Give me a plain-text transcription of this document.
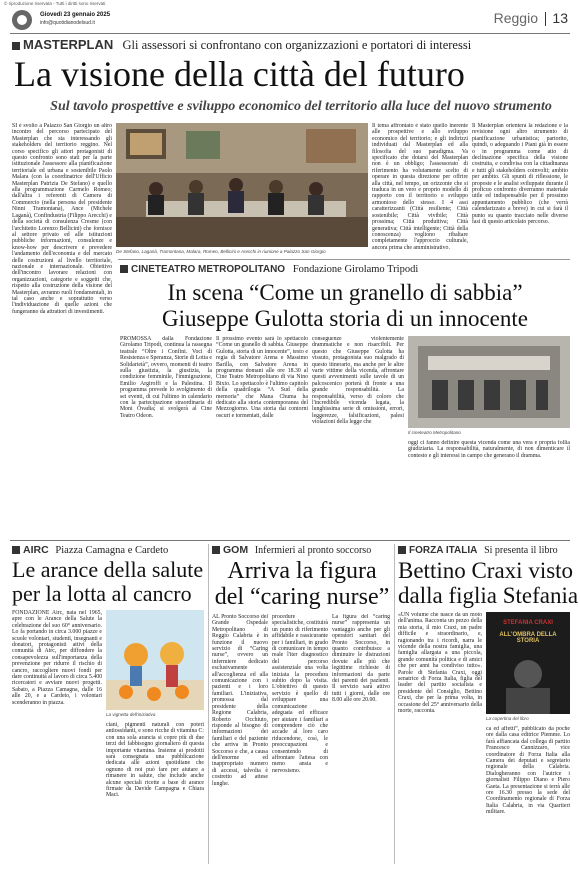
© riproduzione riservata - Tutti i diritti sono riservati
Giovedì 23 gennaio 2025
info@quotidianodelsud.it	Reggio 13
MASTERPLAN Gli assessori si confrontano con organizzazioni e portatori di interessi
La visione della città del futuro
Sul tavolo prospettive e sviluppo economico del territorio alla luce del nuovo strumento

SI è svolto a Palazzo San Giorgio un altro incontro del percorso partecipato del Masterplan che sta interessando gli stakeholders del territorio reggino. Nel corso specifico gli attori protagonisti di questo confronto sono stati per la parte istituzionale l'assessore alla pianificazione territoriale ed urbana e sostenibile Paolo Malara (con la coordinatrice dell'Ufficio Masterplan Patrizia De Stefano) e quello alla programmazione Carmelo Romeo; dall'altra i referenti di Camera di Commercio (nella persona del presidente Ninni Tramontana), Ance (Michele Laganà), Confindustria (Filippo Arecchi) e della società di consulenza Cresme (con l'architetto Lorenzo Bellicini) che fornisce al settore privato ed alle istituzioni pubbliche informazioni, consulenze e know-how per descrivere e prevedere l'andamento dell'economia e del mercato delle costruzioni al livello territoriale, nazionale e internazionale. Obiettivo dell'incontro lavorare relazioni con organizzazioni, categorie e soggetti che, rispetto alla costruzione della visione del Masterplan, avranno ruoli fondamentali, in tal caso anche e soprattutto verso l'individuazione di quelle azioni che fungeranno da attrattori di investimenti.

De Stefano, Laganà, Tramontana, Malara, Romeo, Bellicini e Arecchi in riunione a Palazzo San Giorgio

Il tema affrontato è stato quello inerente alle prospettive e allo sviluppo economico del territorio; e gli indirizzi individuati dal Masterplan ed alla filosofia del suo paradigma. Va specificato che dotarsi del Masterplan non è un obbligo; l'assessorato di riferimento ha volutamente scelto di operare in questa direzione per offrire alla città, nel tempo, un orizzonte che si traduca in un vero e proprio modello di rapporto con il territorio e sviluppo armonioso dello stesso. I 4 assi caratterizzanti (Città resiliente; Città sostenibile; Città vivibile; Città prossima; Città produttiva; Città generativa; Città intelligente; Città della conoscenza) vogliono ribaltare completamente l'approccio culturale, ancora prima che amministrativo.

Il Masterplan orienterà la redazione e la revisione ogni altro strumento di pianificazione urbanistica; partorito, quindi, o adeguando i Piani già in essere o in programma come atto di declinazione specifica della visione costruita, e condivisa con la cittadinanza e tutti gli stakeholders coinvolti; ambito per ambito. Gli spunti di riflessione, le proposte e le analisi sviluppate durante il proficuo confronto diverranno materiale utile ed indispensabile per il prossimo appuntamento pubblico (che verrà calendarizzato a breve) in cui si farà il punto su quanto tracciato nelle diverse fasi di questo articolato percorso.

CINETEATRO METROPOLITANO Fondazione Girolamo Tripodi
In scena “Come un granello di sabbia”
Giuseppe Gulotta storia di un innocente

PROMOSSA dalla Fondazione Girolamo Tripodi, continua la rassegna teatrale “Oltre i Confini. Voci di Resistenza e Speranza, Storie di Lotta e Solidarietà”, ovvero, momenti di teatro sulla giustizia, la giustizia, la condizione femminile, l'immigrazione, Emilio Argiroffi e la Palestina. Il programma prevede lo svolgimento di sei eventi, di cui l'ultimo in calendario con la partecipazione straordinaria di Moni Ovadia; si svolgerà al Cine Teatro Odeon.

Il prossimo evento sarà lo spettacolo “Come un granello di sabbia. Giuseppe Gulotta, storia di un innocente”, testo e regia di Salvatore Arena e Massimo Barilla, con Salvatore Arena in programma domani alle ore 18.30 al Cine Teatro Metropolitano di via Nino Bixio. Lo spettacolo è l'ultimo capitolo della quadrilogia “A Sud della memoria” che Mana Chuma ha dedicato alla storia contemporanea del Mezzogiorno. Una storia dai contorni oscuri e tormentati, dalle

conseguenze violentemente drammatiche e non risarcibili. Per questo che Giuseppe Gulotta ha vissuto, protagonista suo malgrado di questo itinerario, ma anche per le altre varie vittime della vicenda, affrontare questi avvenimenti sulle tavole di un palcoscenico porterà di fronte a una grande responsabilità. La responsabilità, verso di coloro che l'incredibile vicenda legata, la lunghissima serie di omissioni, errori, leggerezze, falsificazioni, palesi violazioni della legge che

Il cineteatro Metropolitano

oggi ci fanno definire questa vicenda come una vera e propria follia giudiziaria. La responsabilità, naturalmente, di non dimenticare il contesto e gli interessi in campo che generano il dramma.

AIRC Piazza Camagna e Cardeto
Le arance della salute
per la lotta al cancro

FONDAZIONE Airc, nata nel 1965, apre con le Arance della Salute la celebrazione del suo 60° anniversario. Lo fa portando in circa 3.000 piazze e scuole volontari, studenti, insegnanti e donatori, protagonisti attivi della comunità di Airc, per diffondere la consapevolezza sull'importanza della prevenzione per ridurre il rischio di cancro, raccogliere nuovi fondi per dare continuità al lavoro di circa 5.400 ricercatori e avviare nuovi progetti. Sabato, a Piazza Camagna, dalle 16 alle 20, e a Cardeto, i volontari scenderanno in piazza.

La vignetta dell'iniziativa

ciani, pigmenti naturali con poteri antiossidanti, e sono ricche di vitamina C: con una sola arancia si copre più di due terzi del fabbisogno giornaliero di questa importante vitamina. Insieme ai prodotti sarà consegnata una pubblicazione dedicata alle azioni quotidiane che ognuno di noi può fare per aiutare a rimanere in salute, che include anche alcune speciali ricette a base di arance firmate da Davide Campagna e Chiara Maci.

GOM Infermieri al pronto soccorso
Arriva la figura
del “caring nurse”

AL Pronto Soccorso del Grande Ospedale Metropolitano di Reggio Calabria è in funzione il nuovo servizio di “Caring nurse”, ovvero un infermiere dedicato esclusivamente all'accoglienza ed alla comunicazione con i pazienti e i loro familiari. L'iniziativa, promossa dal presidente della Regione Calabria, Roberto Occhiuto, risponde al bisogno di informazioni dei familiari e del paziente che arriva in Pronto Soccorso e che, a causa dell'enorme ed inappropriato numero di accessi, talvolta è costretto ad attese lunghe.

procedure specialistiche, costituirà un punto di riferimento affidabile e rassicurante per i familiari, in grado di comunicare in tempo reale l'iter diagnostico del percorso assistenziale una volta iniziata la procedura subito dopo la visita. L'obiettivo di questo servizio è quello di sviluppare una comunicazione adeguata ed efficace per aiutare i familiari a comprendere ciò che accade al loro caro riducendone, così, le preoccupazioni e consentendo di affrontare l'attesa con meno ansia e nervosismo.

La figura del “caring nurse” rappresenta un vantaggio anche per gli operatori sanitari del Pronto Soccorso, in quanto contribuisce a diminuire le distrazioni dovute alle più che legittime richieste di informazioni da parte dei parenti dei pazienti. Il servizio sarà attivo tutti i giorni, dalle ore 8.00 alle ore 20.00.

FORZA ITALIA Si presenta il libro
Bettino Craxi visto
dalla figlia Stefania

«UN volume che nasce da un moto dell'anima. Racconta un pezzo della mia storia, il mio Craxi, un padre difficile e straordinario, e, ragionando tra i ricordi, narra le vicende della nostra famiglia, una famiglia allargata a una piccola, grande comunità politica e di amici che per anni ha condiviso tutto». Parole di Stefania Craxi, oggi senatrice di Forza Italia, figlia del leader del partito socialista e presidente del Consiglio, Bettino Craxi, che per la prima volta, in occasione del 25° anniversario della morte, racconta.

STEFANIA CRAXI
ALL'OMBRA DELLA STORIA
La copertina del libro

ca ed affetti”, pubblicato da poche ore dalla casa editrice Piemme. Lo farà affiancata dal collega di partito Francesco Cannizzaro, vice coordinatore di Forza Italia alla Camera dei deputati e segretario regionale della Calabria. Dialogheranno con l'autrice i giornalisti Filippo Diano e Piero Gaeta. La presentazione si terrà alle ore 16.30 presso la sede del Coordinamento regionale di Forza Italia Calabria, in via Quartieri militare.
